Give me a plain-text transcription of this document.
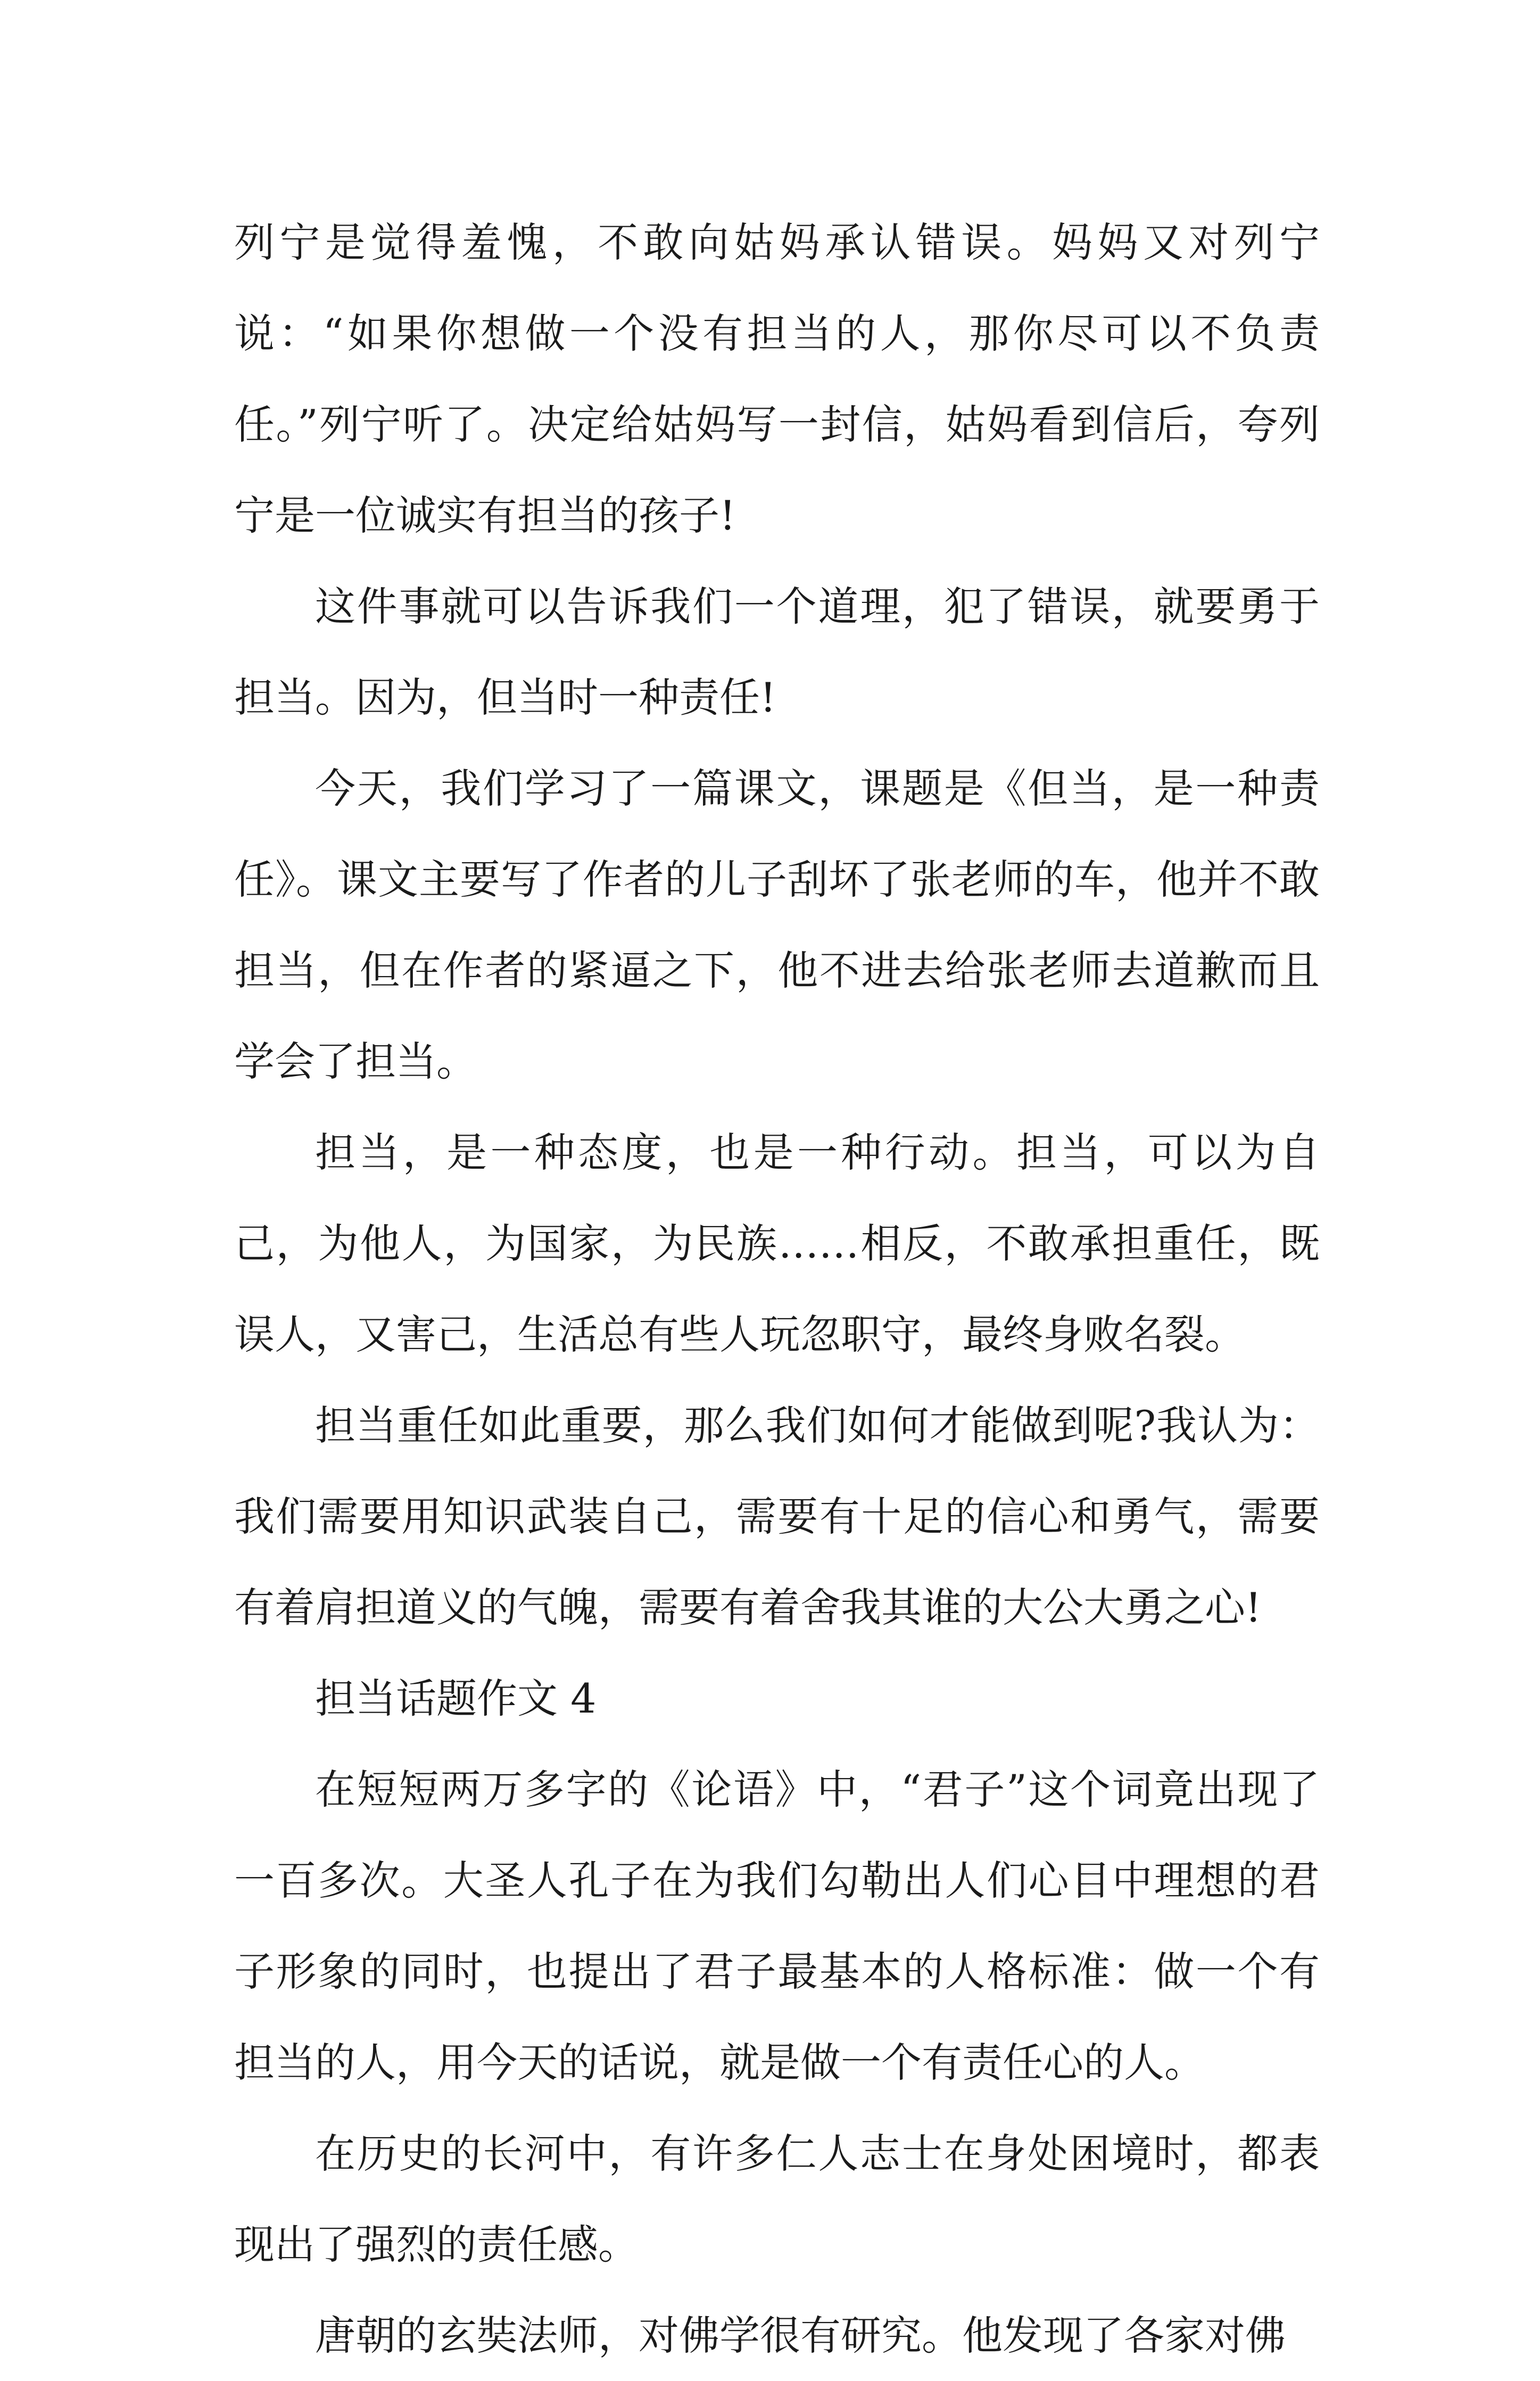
列宁是觉得羞愧，不敢向姑妈承认错误。妈妈又对列宁说：“如果你想做一个没有担当的人，那你尽可以不负责任。”列宁听了。决定给姑妈写一封信，姑妈看到信后，夸列宁是一位诚实有担当的孩子!

这件事就可以告诉我们一个道理，犯了错误，就要勇于担当。因为，但当时一种责任!

今天，我们学习了一篇课文，课题是《但当，是一种责任》。课文主要写了作者的儿子刮坏了张老师的车，他并不敢担当，但在作者的紧逼之下，他不进去给张老师去道歉而且学会了担当。

担当，是一种态度，也是一种行动。担当，可以为自己，为他人，为国家，为民族……相反，不敢承担重任，既误人，又害己，生活总有些人玩忽职守，最终身败名裂。

担当重任如此重要，那么我们如何才能做到呢?我认为：我们需要用知识武装自己，需要有十足的信心和勇气，需要有着肩担道义的气魄，需要有着舍我其谁的大公大勇之心!

担当话题作文 4

在短短两万多字的《论语》中，“君子”这个词竟出现了一百多次。大圣人孔子在为我们勾勒出人们心目中理想的君子形象的同时，也提出了君子最基本的人格标准：做一个有担当的人，用今天的话说，就是做一个有责任心的人。

在历史的长河中，有许多仁人志士在身处困境时，都表现出了强烈的责任感。

唐朝的玄奘法师，对佛学很有研究。他发现了各家对佛
